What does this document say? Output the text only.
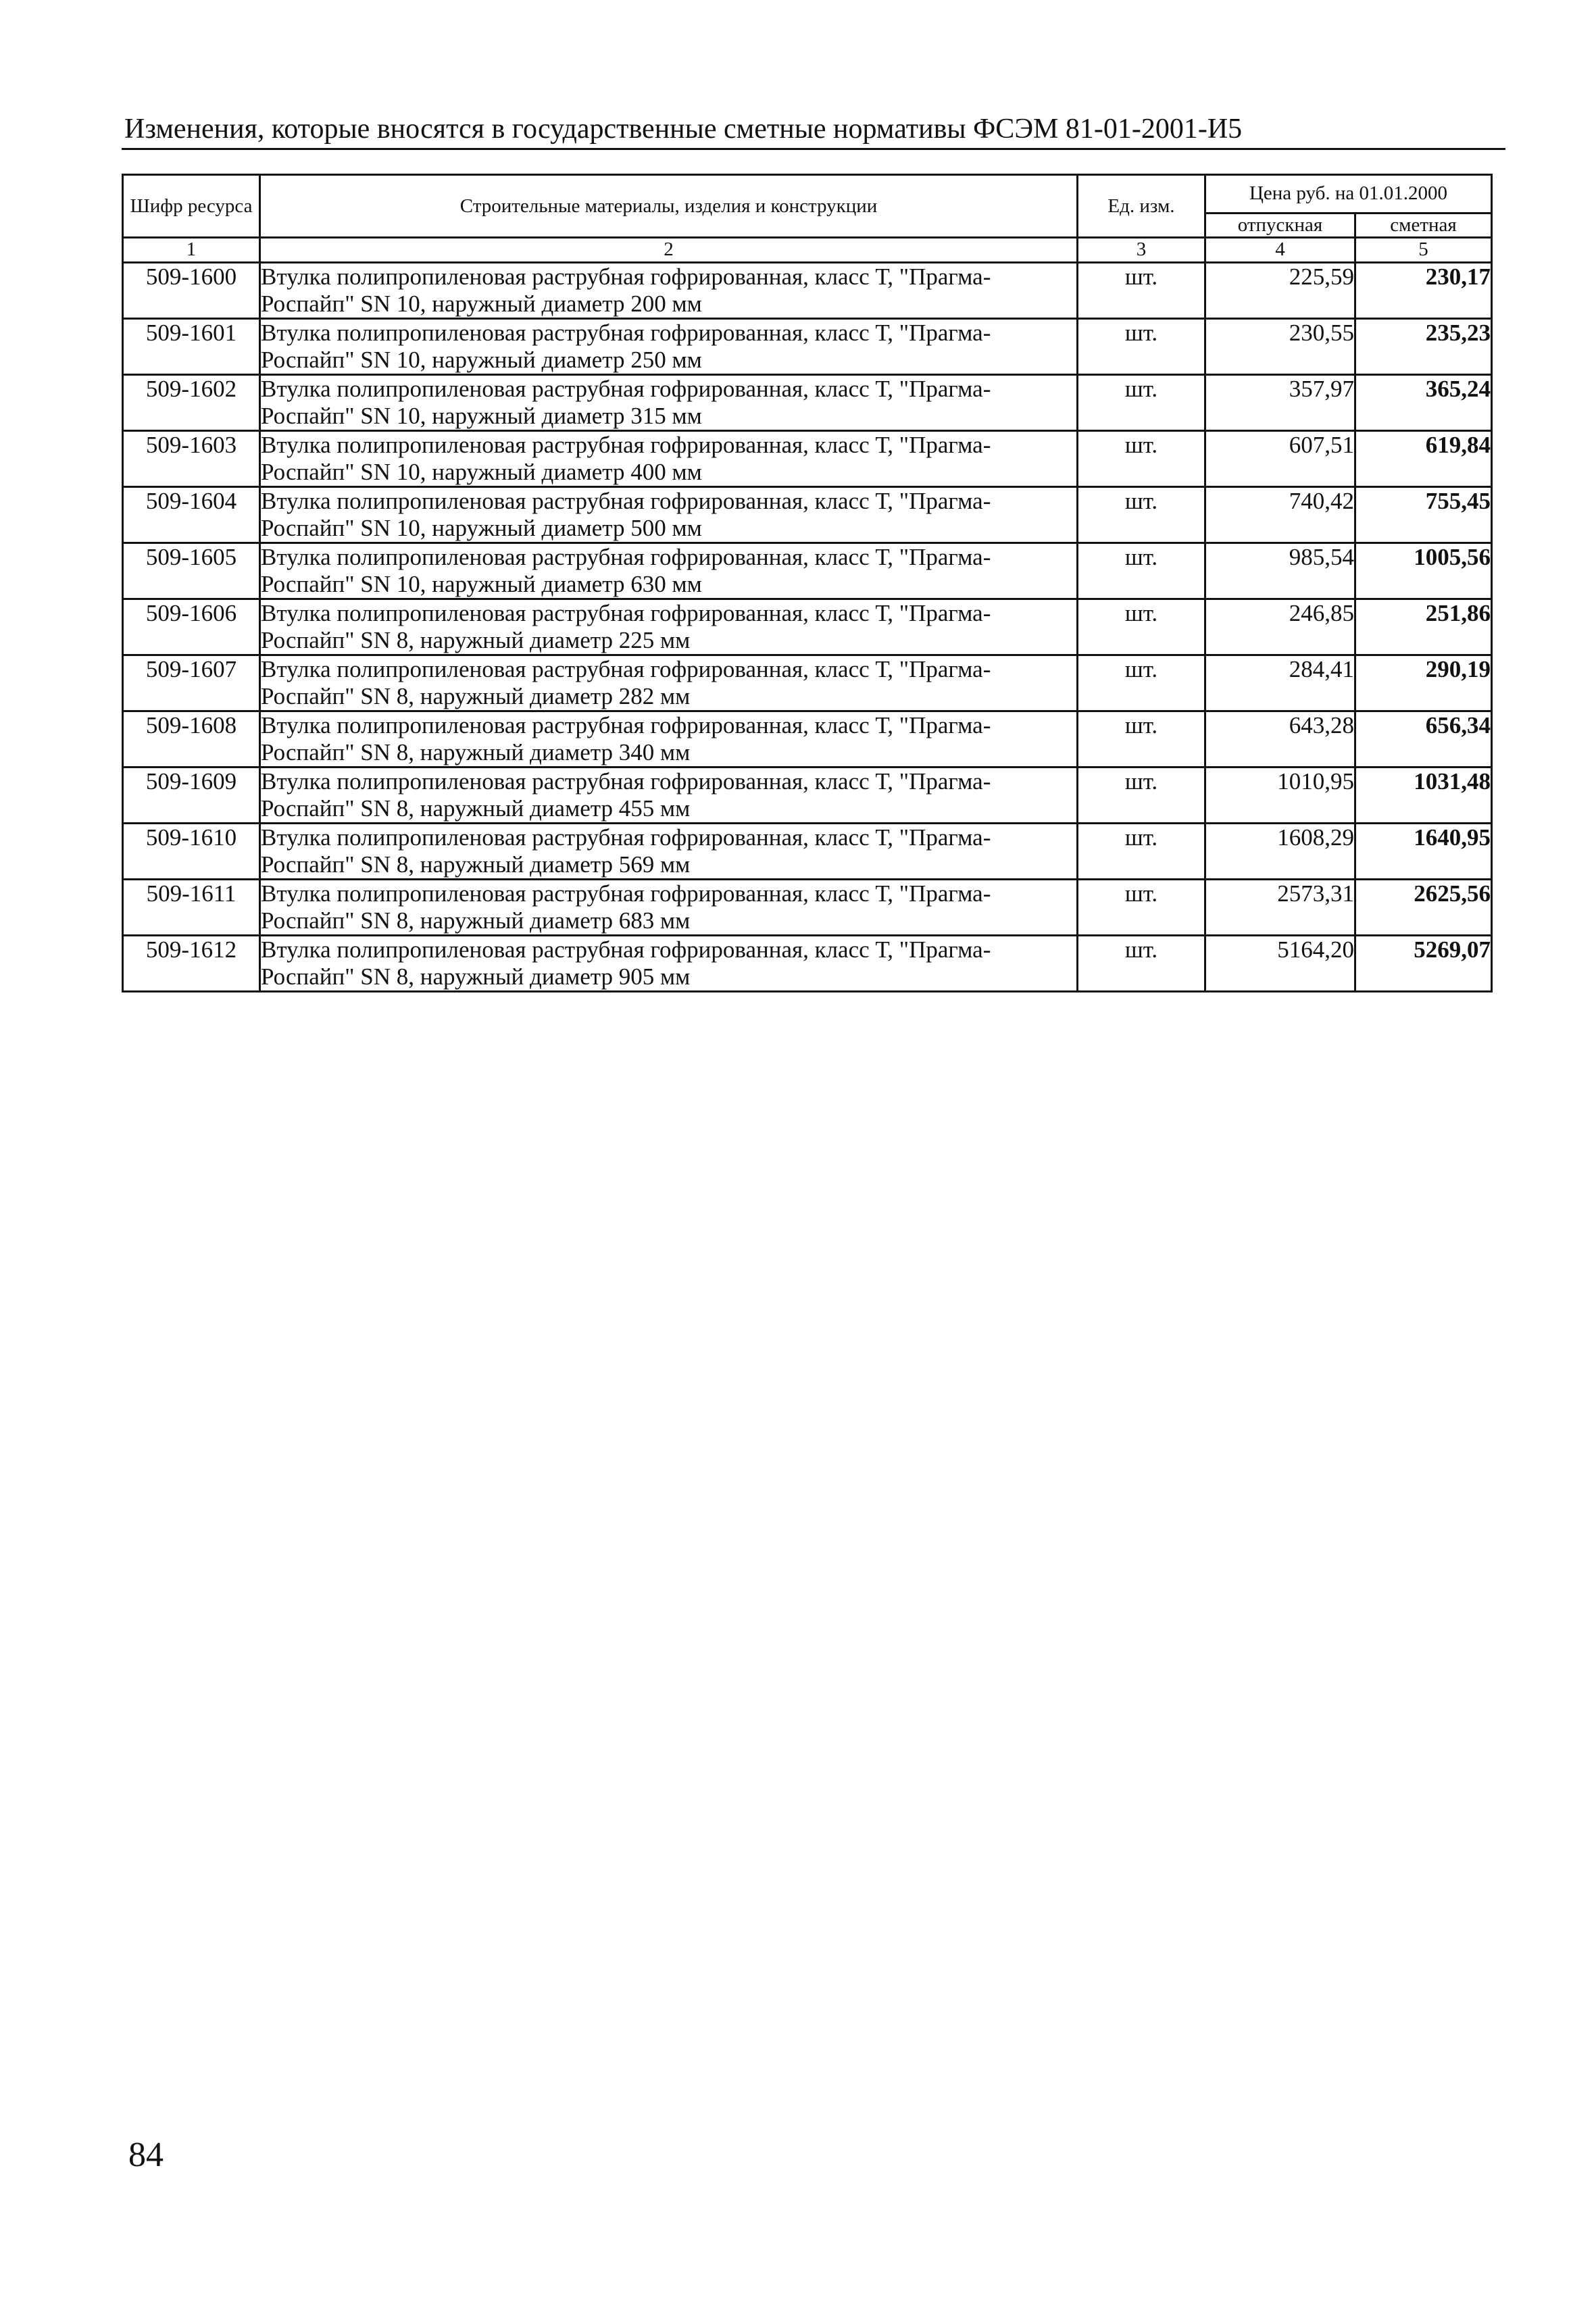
Изменения, которые вносятся в государственные сметные нормативы ФСЭМ 81-01-2001-И5
Шифр ресурса	Строительные материалы, изделия и конструкции	Ед. изм.	Цена руб. на 01.01.2000	
			отпускная	сметная
1	2	3	4	5
509-1600	Втулка полипропиленовая раструбная гофрированная, класс Т, "Прагма-Роспайп" SN 10, наружный диаметр 200 мм	шт.	225,59	230,17
509-1601	Втулка полипропиленовая раструбная гофрированная, класс Т, "Прагма-Роспайп" SN 10, наружный диаметр 250 мм	шт.	230,55	235,23
509-1602	Втулка полипропиленовая раструбная гофрированная, класс Т, "Прагма-Роспайп" SN 10, наружный диаметр 315 мм	шт.	357,97	365,24
509-1603	Втулка полипропиленовая раструбная гофрированная, класс Т, "Прагма-Роспайп" SN 10, наружный диаметр 400 мм	шт.	607,51	619,84
509-1604	Втулка полипропиленовая раструбная гофрированная, класс Т, "Прагма-Роспайп" SN 10, наружный диаметр 500 мм	шт.	740,42	755,45
509-1605	Втулка полипропиленовая раструбная гофрированная, класс Т, "Прагма-Роспайп" SN 10, наружный диаметр 630 мм	шт.	985,54	1005,56
509-1606	Втулка полипропиленовая раструбная гофрированная, класс Т, "Прагма-Роспайп" SN 8, наружный диаметр 225 мм	шт.	246,85	251,86
509-1607	Втулка полипропиленовая раструбная гофрированная, класс Т, "Прагма-Роспайп" SN 8, наружный диаметр 282 мм	шт.	284,41	290,19
509-1608	Втулка полипропиленовая раструбная гофрированная, класс Т, "Прагма-Роспайп" SN 8, наружный диаметр 340 мм	шт.	643,28	656,34
509-1609	Втулка полипропиленовая раструбная гофрированная, класс Т, "Прагма-Роспайп" SN 8, наружный диаметр 455 мм	шт.	1010,95	1031,48
509-1610	Втулка полипропиленовая раструбная гофрированная, класс Т, "Прагма-Роспайп" SN 8, наружный диаметр 569 мм	шт.	1608,29	1640,95
509-1611	Втулка полипропиленовая раструбная гофрированная, класс Т, "Прагма-Роспайп" SN 8, наружный диаметр 683 мм	шт.	2573,31	2625,56
509-1612	Втулка полипропиленовая раструбная гофрированная, класс Т, "Прагма-Роспайп" SN 8, наружный диаметр 905 мм	шт.	5164,20	5269,07
84
